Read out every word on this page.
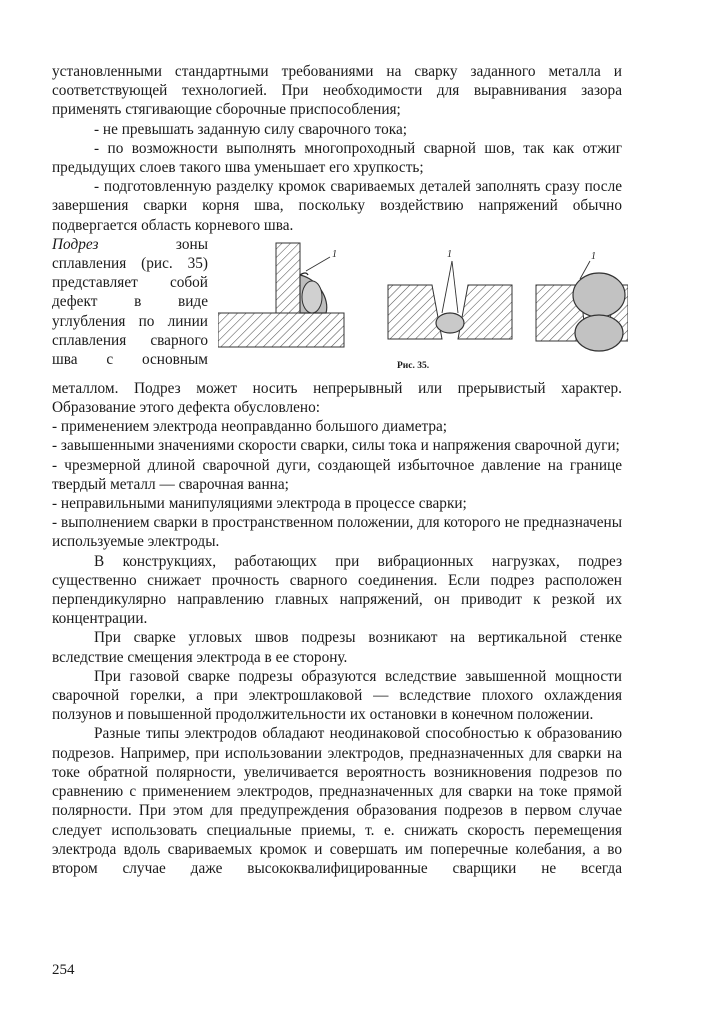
установленными стандартными требованиями на сварку заданного металла и соответствующей технологией. При необходимости для выравнивания зазора применять стягивающие сборочные приспособления;

- не превышать заданную силу сварочного тока;

- по возможности выполнять многопроходный сварной шов, так как отжиг предыдущих слоев такого шва уменьшает его хрупкость;

- подготовленную разделку кромок свариваемых деталей заполнять сразу после завершения сварки корня шва, поскольку воздействию напряжений обычно подвергается область корневого шва.

Подрез	зоны
сплавления (рис. 35)
представляет собой
дефект в виде
углубления по линии
сплавления сварного
шва с основным
1	1	1
Рис. 35.

металлом. Подрез может носить непрерывный или прерывистый характер. Образование этого дефекта обусловлено:

- применением электрода неоправданно большого диаметра;

- завышенными значениями скорости сварки, силы тока и напряжения сварочной дуги;

- чрезмерной длиной сварочной дуги, создающей избыточное давление на границе твердый металл — сварочная ванна;

- неправильными манипуляциями электрода в процессе сварки;

- выполнением сварки в пространственном положении, для которого не предназначены используемые электроды.

В конструкциях, работающих при вибрационных нагрузках, подрез существенно снижает прочность сварного соединения. Если подрез расположен перпендикулярно направлению главных напряжений, он приводит к резкой их концентрации.

При сварке угловых швов подрезы возникают на вертикальной стенке вследствие смещения электрода в ее сторону.

При газовой сварке подрезы образуются вследствие завышенной мощности сварочной горелки, а при электрошлаковой — вследствие плохого охлаждения ползунов и повышенной продолжительности их остановки в конечном положении.

Разные типы электродов обладают неодинаковой способностью к образованию подрезов. Например, при использовании электродов, предназначенных для сварки на токе обратной полярности, увеличивается вероятность возникновения подрезов по сравнению с применением электродов, предназначенных для сварки на токе прямой полярности. При этом для предупреждения образования подрезов в первом случае следует использовать специальные приемы, т. е. снижать скорость перемещения электрода вдоль свариваемых кромок и совершать им поперечные колебания, а во втором случае даже высококвалифицированные сварщики не всегда

254
